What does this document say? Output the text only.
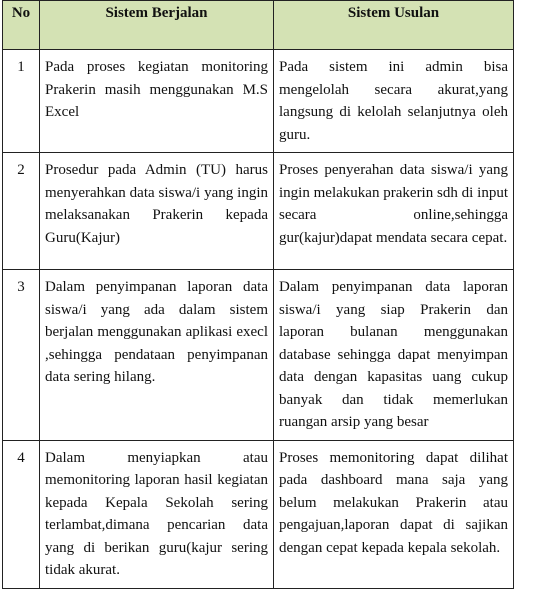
No	Sistem Berjalan	Sistem Usulan
1	Pada proses kegiatan monitoring Prakerin masih menggunakan M.S Excel	Pada sistem ini admin bisa mengelolah secara akurat,yang langsung di kelolah selanjutnya oleh guru.
2	Prosedur pada Admin (TU) harus menyerahkan data siswa/i yang ingin melaksanakan Prakerin kepada Guru(Kajur)	Proses penyerahan data siswa/i yang ingin melakukan prakerin sdh di input secara online,sehingga gur(kajur)dapat mendata secara cepat.
3	Dalam penyimpanan laporan data siswa/i yang ada dalam sistem berjalan menggunakan aplikasi execl ,sehingga pendataan penyimpanan data sering hilang.	Dalam penyimpanan data laporan siswa/i yang siap Prakerin dan laporan bulanan menggunakan database sehingga dapat menyimpan data dengan kapasitas uang cukup banyak dan tidak memerlukan ruangan arsip yang besar
4	Dalam menyiapkan atau memonitoring laporan hasil kegiatan kepada Kepala Sekolah sering terlambat,dimana pencarian data yang di berikan guru(kajur sering tidak akurat.	Proses memonitoring dapat dilihat pada dashboard mana saja yang belum melakukan Prakerin atau pengajuan,laporan dapat di sajikan dengan cepat kepada kepala sekolah.
